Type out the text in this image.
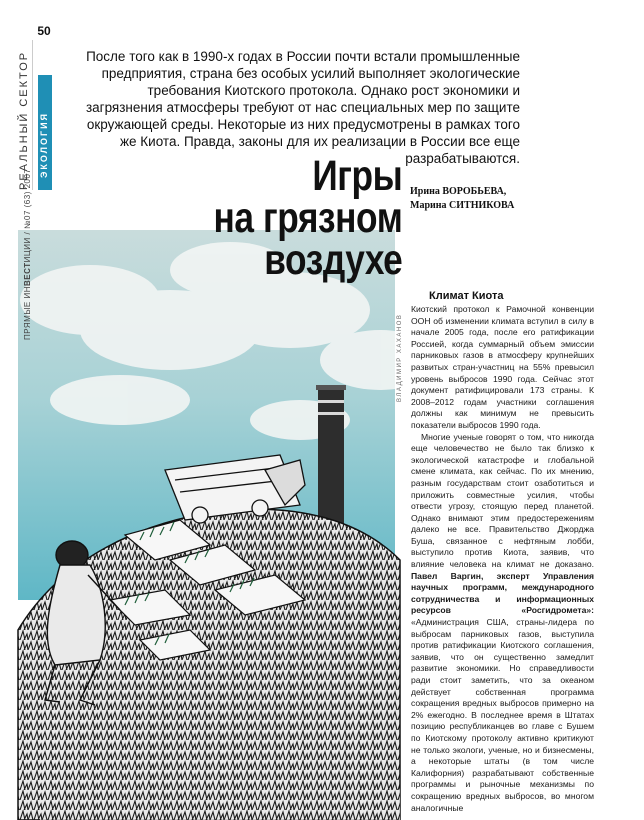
50
РЕАЛЬНЫЙ СЕКТОР ЭКОЛОГИЯ
ПРЯМЫЕ ИНВЕСТИЦИИ / №07 (63) 2007
После того как в 1990-х годах в России почти встали промышленные предприятия, страна без особых усилий выполняет экологические требования Киотского протокола. Однако рост экономики и загрязнения атмосферы требуют от нас специальных мер по защите окружающей среды. Некоторые из них предусмотрены в рамках того же Киота. Правда, законы для их реализации в России все еще разрабатываются.
Игры
на грязном
воздухе
Ирина ВОРОБЬЕВА,
Марина СИТНИКОВА
ВЛАДИМИР ХАХАНОВ
Климат Киота

Киотский протокол к Рамочной конвенции ООН об изменении климата вступил в силу в начале 2005 года, после его ратификации Россией, когда суммарный объем эмиссии парниковых газов в атмосферу крупнейших развитых стран-участниц на 55% превысил уровень выбросов 1990 года. Сейчас этот документ ратифицировали 173 страны. К 2008–2012 годам участники соглашения должны как минимум не превысить показатели выбросов 1990 года.

Многие ученые говорят о том, что никогда еще человечество не было так близко к экологической катастрофе и глобальной смене климата, как сейчас. По их мнению, разным государствам стоит озаботиться и приложить совместные усилия, чтобы отвести угрозу, стоящую перед планетой. Однако внимают этим предостережениям далеко не все. Правительство Джорджа Буша, связанное с нефтяным лобби, выступило против Киота, заявив, что влияние человека на климат не доказано. Павел Варгин, эксперт Управления научных программ, международного сотрудничества и информационных ресурсов «Росгидромета»: «Администрация США, страны-лидера по выбросам парниковых газов, выступила против ратификации Киотского соглашения, заявив, что он существенно замедлит развитие экономики. Но справедливости ради стоит заметить, что за океаном действует собственная программа сокращения вредных выбросов примерно на 2% ежегодно. В последнее время в Штатах позицию республиканцев во главе с Бушем по Киотскому протоколу активно критикуют не только экологи, ученые, но и бизнесмены, а некоторые штаты (в том числе Калифорния) разрабатывают собственные программы и рыночные механизмы по сокращению вредных выбросов, во многом аналогичные
